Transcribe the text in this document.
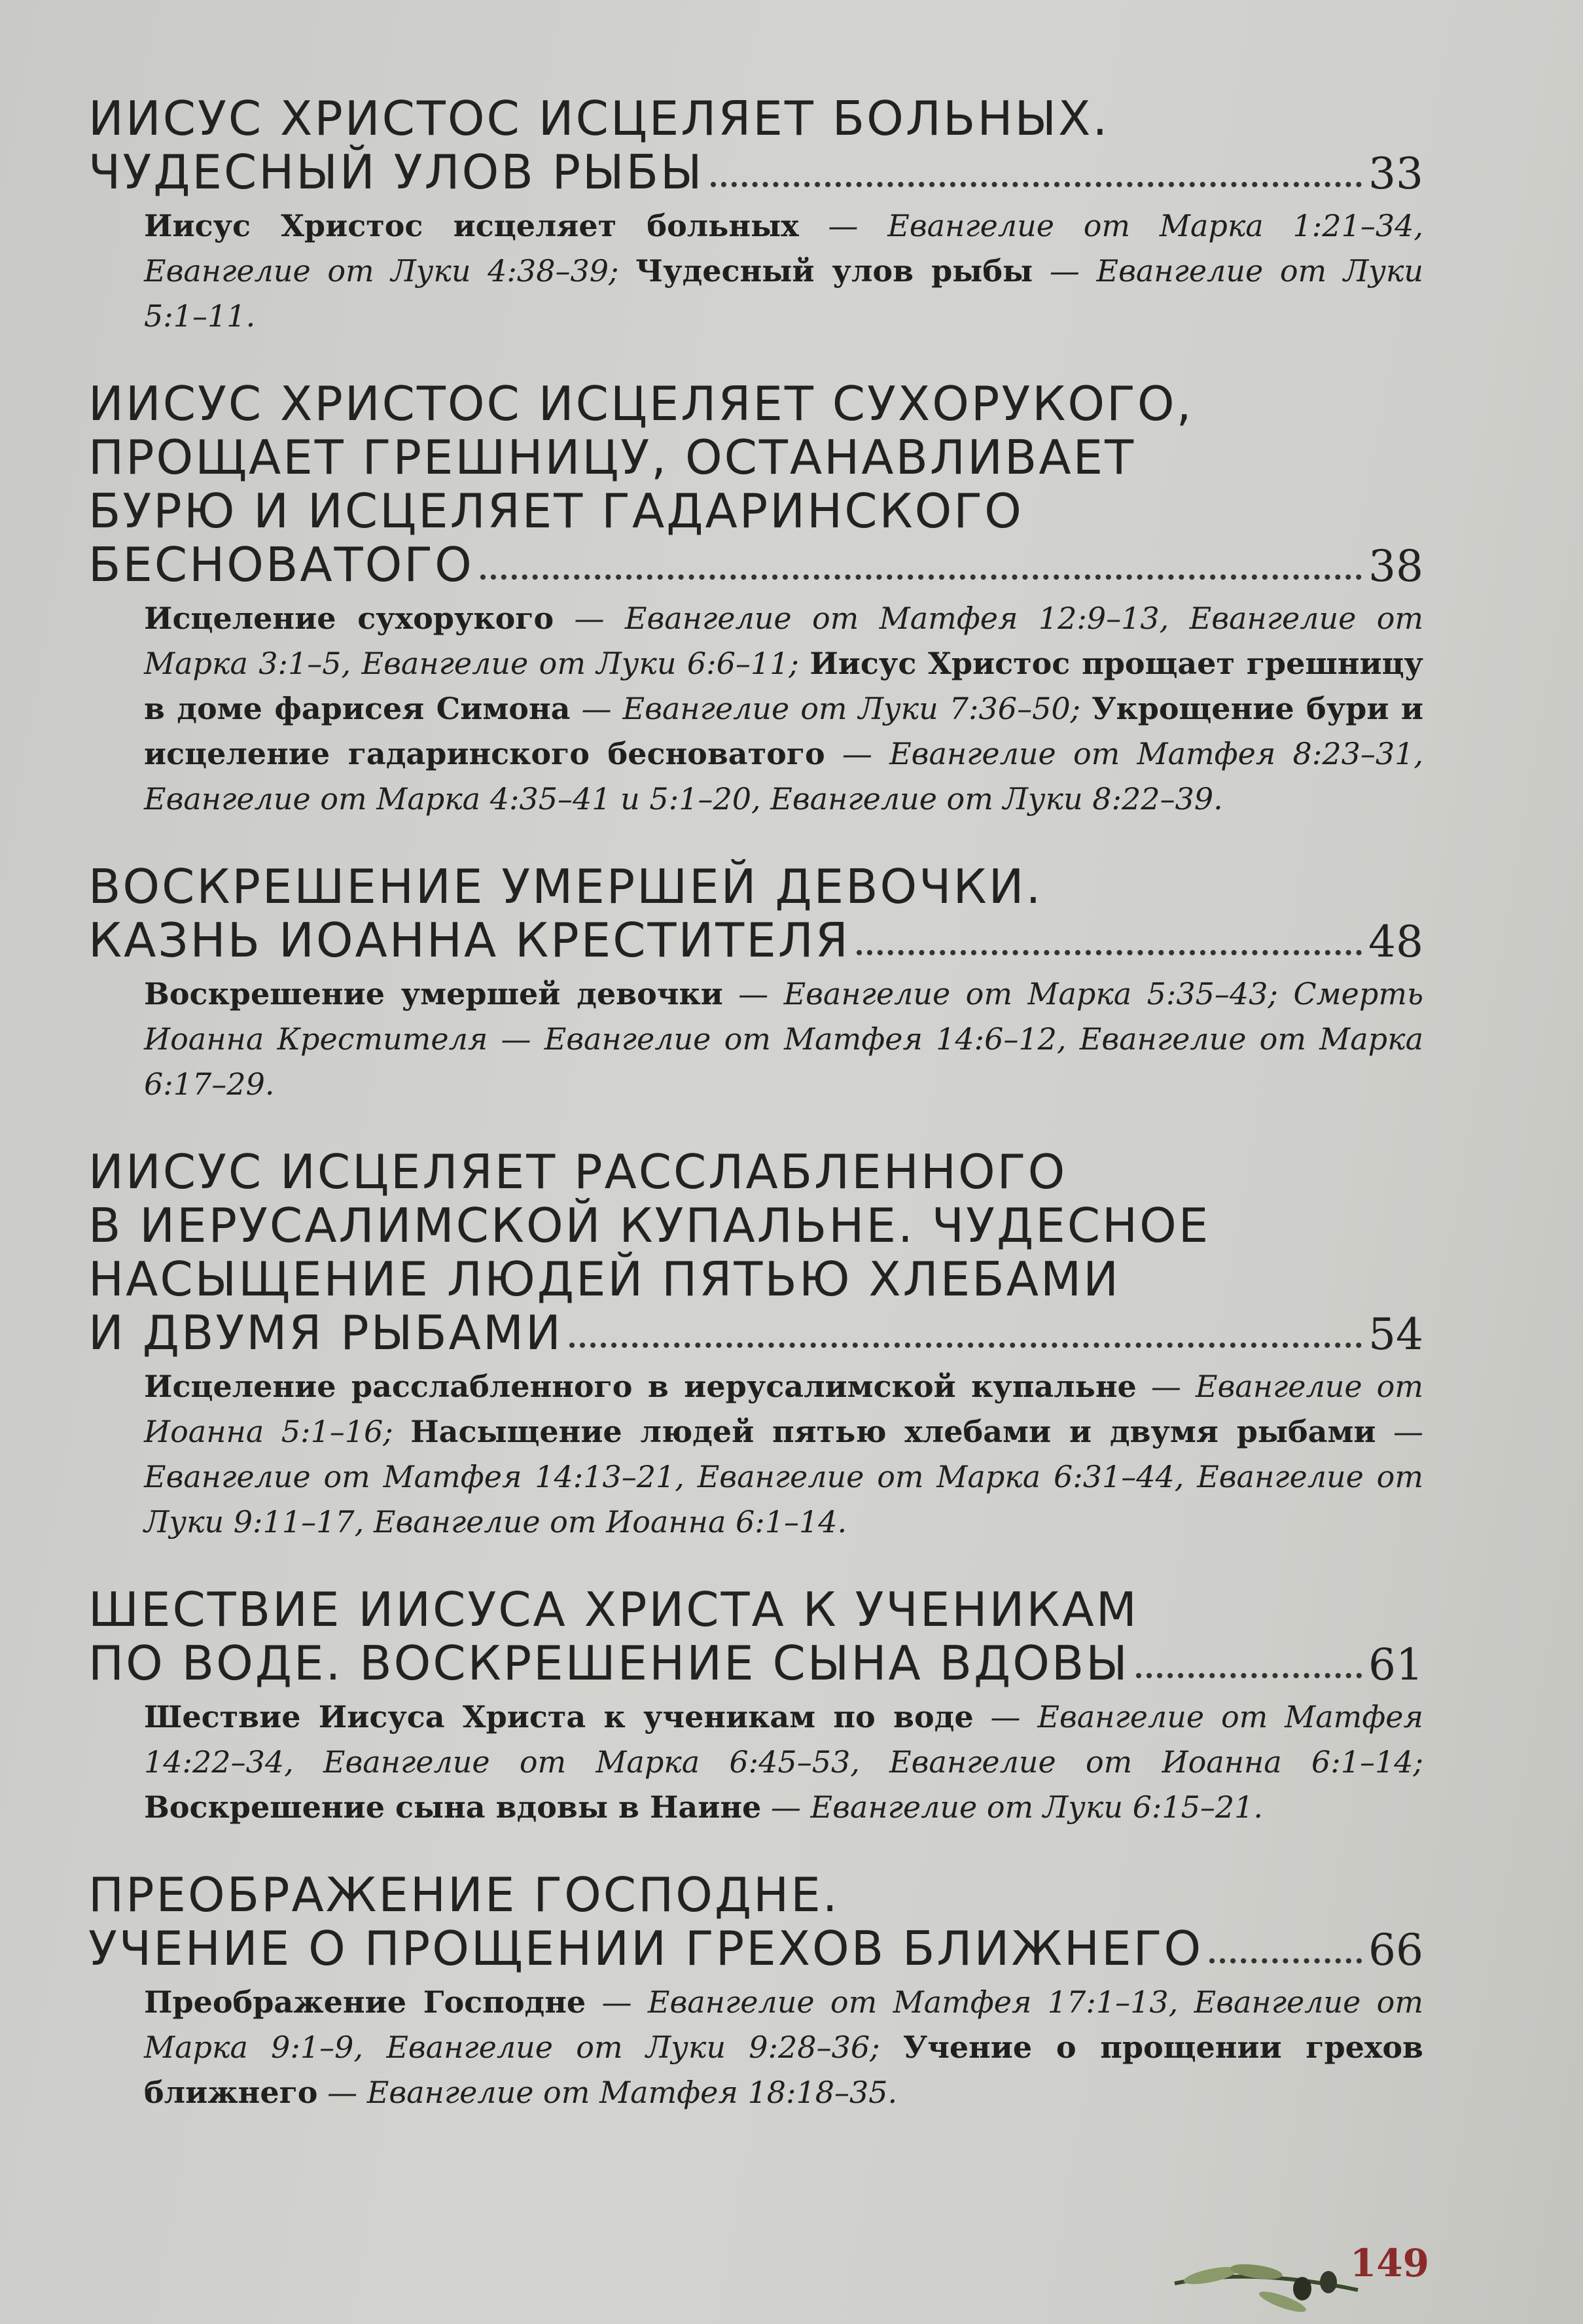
ИИСУС ХРИСТОС ИСЦЕЛЯЕТ БОЛЬНЫХ.
ЧУДЕСНЫЙ УЛОВ РЫБЫ	33
Иисус Христос исцеляет больных — Евангелие от Марка 1:21–34, Евангелие от Луки 4:38–39; Чудесный улов рыбы — Евангелие от Луки 5:1–11.
ИИСУС ХРИСТОС ИСЦЕЛЯЕТ СУХОРУКОГО,
ПРОЩАЕТ ГРЕШНИЦУ, ОСТАНАВЛИВАЕТ
БУРЮ И ИСЦЕЛЯЕТ ГАДАРИНСКОГО
БЕСНОВАТОГО	38
Исцеление сухорукого — Евангелие от Матфея 12:9–13, Евангелие от Марка 3:1–5, Евангелие от Луки 6:6–11; Иисус Христос прощает грешницу в доме фарисея Симона — Евангелие от Луки 7:36–50; Укрощение бури и исцеление гадаринского бесноватого — Евангелие от Матфея 8:23–31, Евангелие от Марка 4:35–41 и 5:1–20, Евангелие от Луки 8:22–39.
ВОСКРЕШЕНИЕ УМЕРШЕЙ ДЕВОЧКИ.
КАЗНЬ ИОАННА КРЕСТИТЕЛЯ	48
Воскрешение умершей девочки — Евангелие от Марка 5:35–43; Смерть Иоанна Крестителя — Евангелие от Матфея 14:6–12, Евангелие от Марка 6:17–29.
ИИСУС ИСЦЕЛЯЕТ РАССЛАБЛЕННОГО
В ИЕРУСАЛИМСКОЙ КУПАЛЬНЕ. ЧУДЕСНОЕ
НАСЫЩЕНИЕ ЛЮДЕЙ ПЯТЬЮ ХЛЕБАМИ
И ДВУМЯ РЫБАМИ	54
Исцеление расслабленного в иерусалимской купальне — Евангелие от Иоанна 5:1–16; Насыщение людей пятью хлебами и двумя рыбами — Евангелие от Матфея 14:13–21, Евангелие от Марка 6:31–44, Евангелие от Луки 9:11–17, Евангелие от Иоанна 6:1–14.
ШЕСТВИЕ ИИСУСА ХРИСТА К УЧЕНИКАМ
ПО ВОДЕ. ВОСКРЕШЕНИЕ СЫНА ВДОВЫ	61
Шествие Иисуса Христа к ученикам по воде — Евангелие от Матфея 14:22–34, Евангелие от Марка 6:45–53, Евангелие от Иоанна 6:1–14; Воскрешение сына вдовы в Наине — Евангелие от Луки 6:15–21.
ПРЕОБРАЖЕНИЕ ГОСПОДНЕ.
УЧЕНИЕ О ПРОЩЕНИИ ГРЕХОВ БЛИЖНЕГО	66
Преображение Господне — Евангелие от Матфея 17:1–13, Евангелие от Марка 9:1–9, Евангелие от Луки 9:28–36; Учение о прощении грехов ближнего — Евангелие от Матфея 18:18–35.
149
